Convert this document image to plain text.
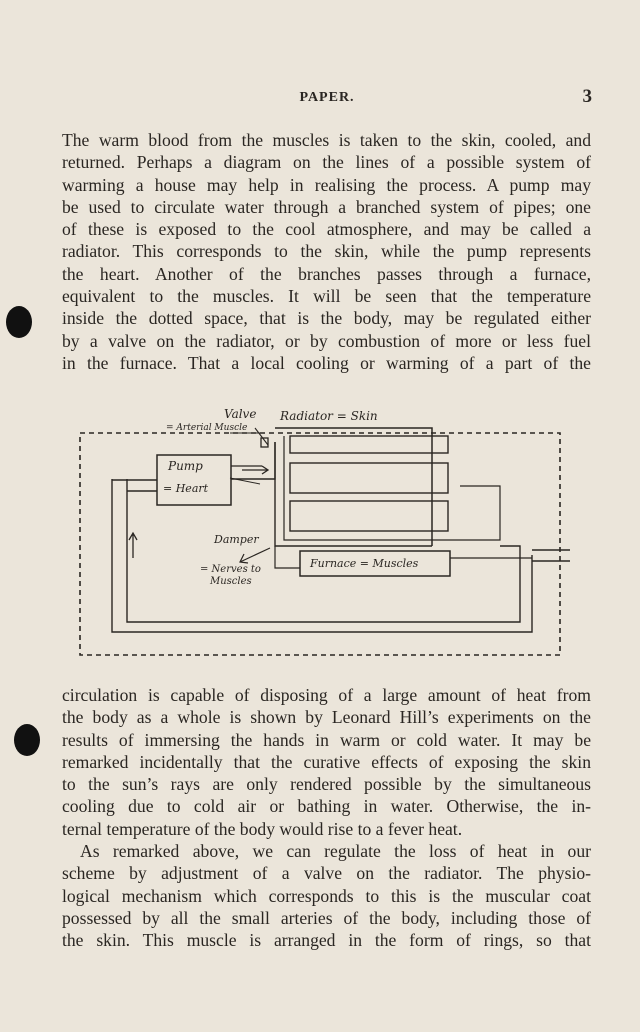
PAPER.	3

The warm blood from the muscles is taken to the skin, cooled, and
returned. Perhaps a diagram on the lines of a possible system of
warming a house may help in realising the process. A pump may
be used to circulate water through a branched system of pipes; one
of these is exposed to the cool atmosphere, and may be called a
radiator. This corresponds to the skin, while the pump represents
the heart. Another of the branches passes through a furnace,
equivalent to the muscles. It will be seen that the temperature
inside the dotted space, that is the body, may be regulated either
by a valve on the radiator, or by combustion of more or less fuel
in the furnace. That a local cooling or warming of a part of the

Valve
= Arterial Muscle
Radiator = Skin
Pump
= Heart
Damper
= Nerves to
Muscles
Furnace = Muscles

circulation is capable of disposing of a large amount of heat from
the body as a whole is shown by Leonard Hill’s experiments on the
results of immersing the hands in warm or cold water. It may be
remarked incidentally that the curative effects of exposing the skin
to the sun’s rays are only rendered possible by the simultaneous
cooling due to cold air or bathing in water. Otherwise, the in-
ternal temperature of the body would rise to a fever heat.

As remarked above, we can regulate the loss of heat in our
scheme by adjustment of a valve on the radiator. The physio-
logical mechanism which corresponds to this is the muscular coat
possessed by all the small arteries of the body, including those of
the skin. This muscle is arranged in the form of rings, so that
